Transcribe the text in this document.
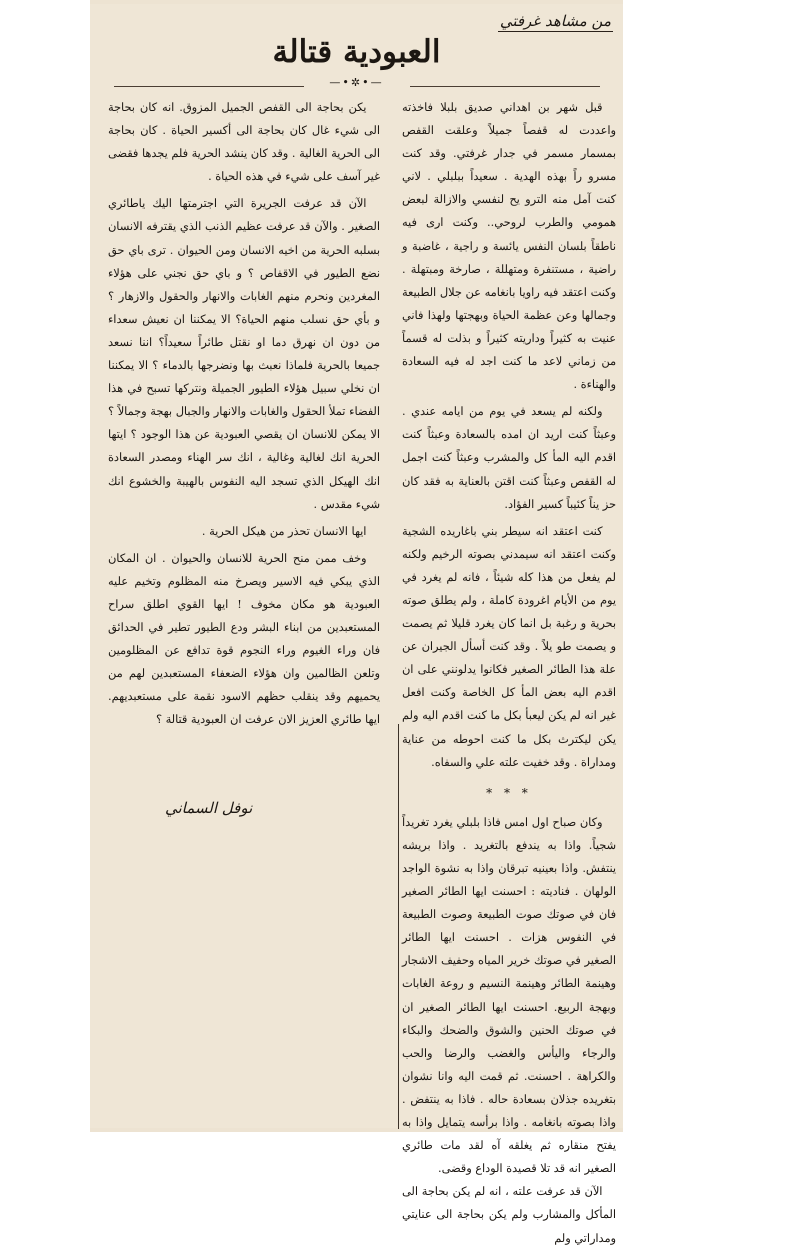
من مشاهد غرفتي
العبودية قتالة
—•✲•—

قبل شهر بن اهداني صديق بلبلا فاخذته واعددت له قفصاً جميلاً وعلقت القفص بمسمار مسمر في جدار غرفتي. وقد كنت مسرو راً بهذه الهدية . سعيداً ببلبلي . لاني كنت آمل منه الترو يح لنفسي والازالة لبعض همومي والطرب لروحي.. وكنت ارى فيه ناطقاً بلسان النفس يائسة و راجية ، غاضبة و راضية ، مستنفرة ومتهللة ، صارخة ومبتهلة . وكنت اعتقد فيه راويا بانغامه عن جلال الطبيعة وجمالها وعن عظمة الحياة وبهجتها ولهذا فاني عنيت به كثيراً وداريته كثيراً و بذلت له قسماً من زماني لاعد ما كنت اجد له فيه السعادة والهناءة .

ولكنه لم يسعد في يوم من ايامه عندي . وعبثاً كنت اريد ان امده بالسعادة وعبثاً كنت اقدم اليه المأ كل والمشرب وعبثاً كنت اجمل له القفص وعبثاً كنت اقتن بالعناية به فقد كان حز يناً كئيباً كسير الفؤاد.

كنت اعتقد انه سيطر بني باغاريده الشجية وكنت اعتقد انه سيمدني بصوته الرخيم ولكنه لم يفعل من هذا كله شيئاً ، فانه لم يغرد في يوم من الأيام اغرودة كاملة ، ولم يطلق صوته بحرية و رغبة بل انما كان يغرد قليلا ثم يصمت و يصمت طو يلاً . وقد كنت أسأل الجيران عن علة هذا الطائر الصغير فكانوا يدلونني على ان اقدم اليه بعض المأ كل الخاصة وكنت افعل غير انه لم يكن ليعبأ بكل ما كنت اقدم اليه ولم يكن ليكترث بكل ما كنت احوطه من عناية ومداراة . وقد خفيت علته علي والسفاه.

* * *

وكان صباح اول امس فاذا بلبلي يغرد تغريداً شجياً. واذا به يندفع بالتغريد . واذا بريشه ينتفش. واذا بعينيه تبرقان واذا به نشوة الواجد الولهان . فناديته : احسنت ايها الطائر الصغير فان في صوتك صوت الطبيعة وصوت الطبيعة في النفوس هزات . احسنت ايها الطائر الصغير في صوتك خرير المياه وحفيف الاشجار وهينمة الطائر وهينمة النسيم و روعة الغابات وبهجة الربيع. احسنت ايها الطائر الصغير ان في صوتك الحنين والشوق والضحك والبكاء والرجاء واليأس والغضب والرضا والحب والكراهة . احسنت. ثم قمت اليه وانا نشوان بتغريده جذلان بسعادة حاله . فاذا به ينتفض . واذا بصوته بانغامه . واذا برأسه يتمايل واذا به يفتح منقاره ثم يغلقه آه لقد مات طائري الصغير انه قد تلا قصيدة الوداع وقضى.

الآن قد عرفت علته ، انه لم يكن بحاجة الى المأكل والمشارب ولم يكن بحاجة الى عنايتي ومداراتي ولم

يكن بحاجة الى القفص الجميل المزوق. انه كان بحاجة الى شيء غال كان بحاجة الى أكسير الحياة . كان بحاجة الى الحرية الغالية . وقد كان ينشد الحرية فلم يجدها فقضى غير آسف على شيء في هذه الحياة .

الآن قد عرفت الجريرة التي اجترمتها اليك ياطائري الصغير . والآن قد عرفت عظيم الذنب الذي يقترفه الانسان بسلبه الحرية من اخيه الانسان ومن الحيوان . ترى باي حق نضع الطيور في الاقفاص ؟ و باي حق نجني على هؤلاء المغردين ونحرم منهم الغابات والانهار والحقول والازهار ؟ و بأي حق نسلب منهم الحياة؟ الا يمكننا ان نعيش سعداء من دون ان نهرق دما او نقتل طائراً سعيداً؟ اننا نسعد جميعا بالحرية فلماذا نعبث بها ونضرجها بالدماء ؟ الا يمكننا ان نخلي سبيل هؤلاء الطيور الجميلة ونتركها تسبح في هذا الفضاء تملأ الحقول والغابات والانهار والجبال بهجة وجمالاً ؟ الا يمكن للانسان ان يقصي العبودية عن هذا الوجود ؟ ايتها الحرية انك لغالية وغالية ، انك سر الهناء ومصدر السعادة انك الهيكل الذي تسجد اليه النفوس بالهيبة والخشوع انك شيء مقدس .

ايها الانسان تحذر من هيكل الحرية .

وخف ممن منح الحرية للانسان والحيوان . ان المكان الذي يبكي فيه الاسير ويصرخ منه المظلوم وتخيم عليه العبودية هو مكان مخوف ! ايها القوي اطلق سراح المستعبدين من ابناء البشر ودع الطيور تطير في الحدائق فان وراء الغيوم وراء النجوم قوة تدافع عن المظلومين وتلعن الظالمين وان هؤلاء الضعفاء المستعبدين لهم من يحميهم وقد ينقلب حظهم الاسود نقمة على مستعبديهم. ايها طائري العزيز الان عرفت ان العبودية قتالة ؟

نوفل السماني
